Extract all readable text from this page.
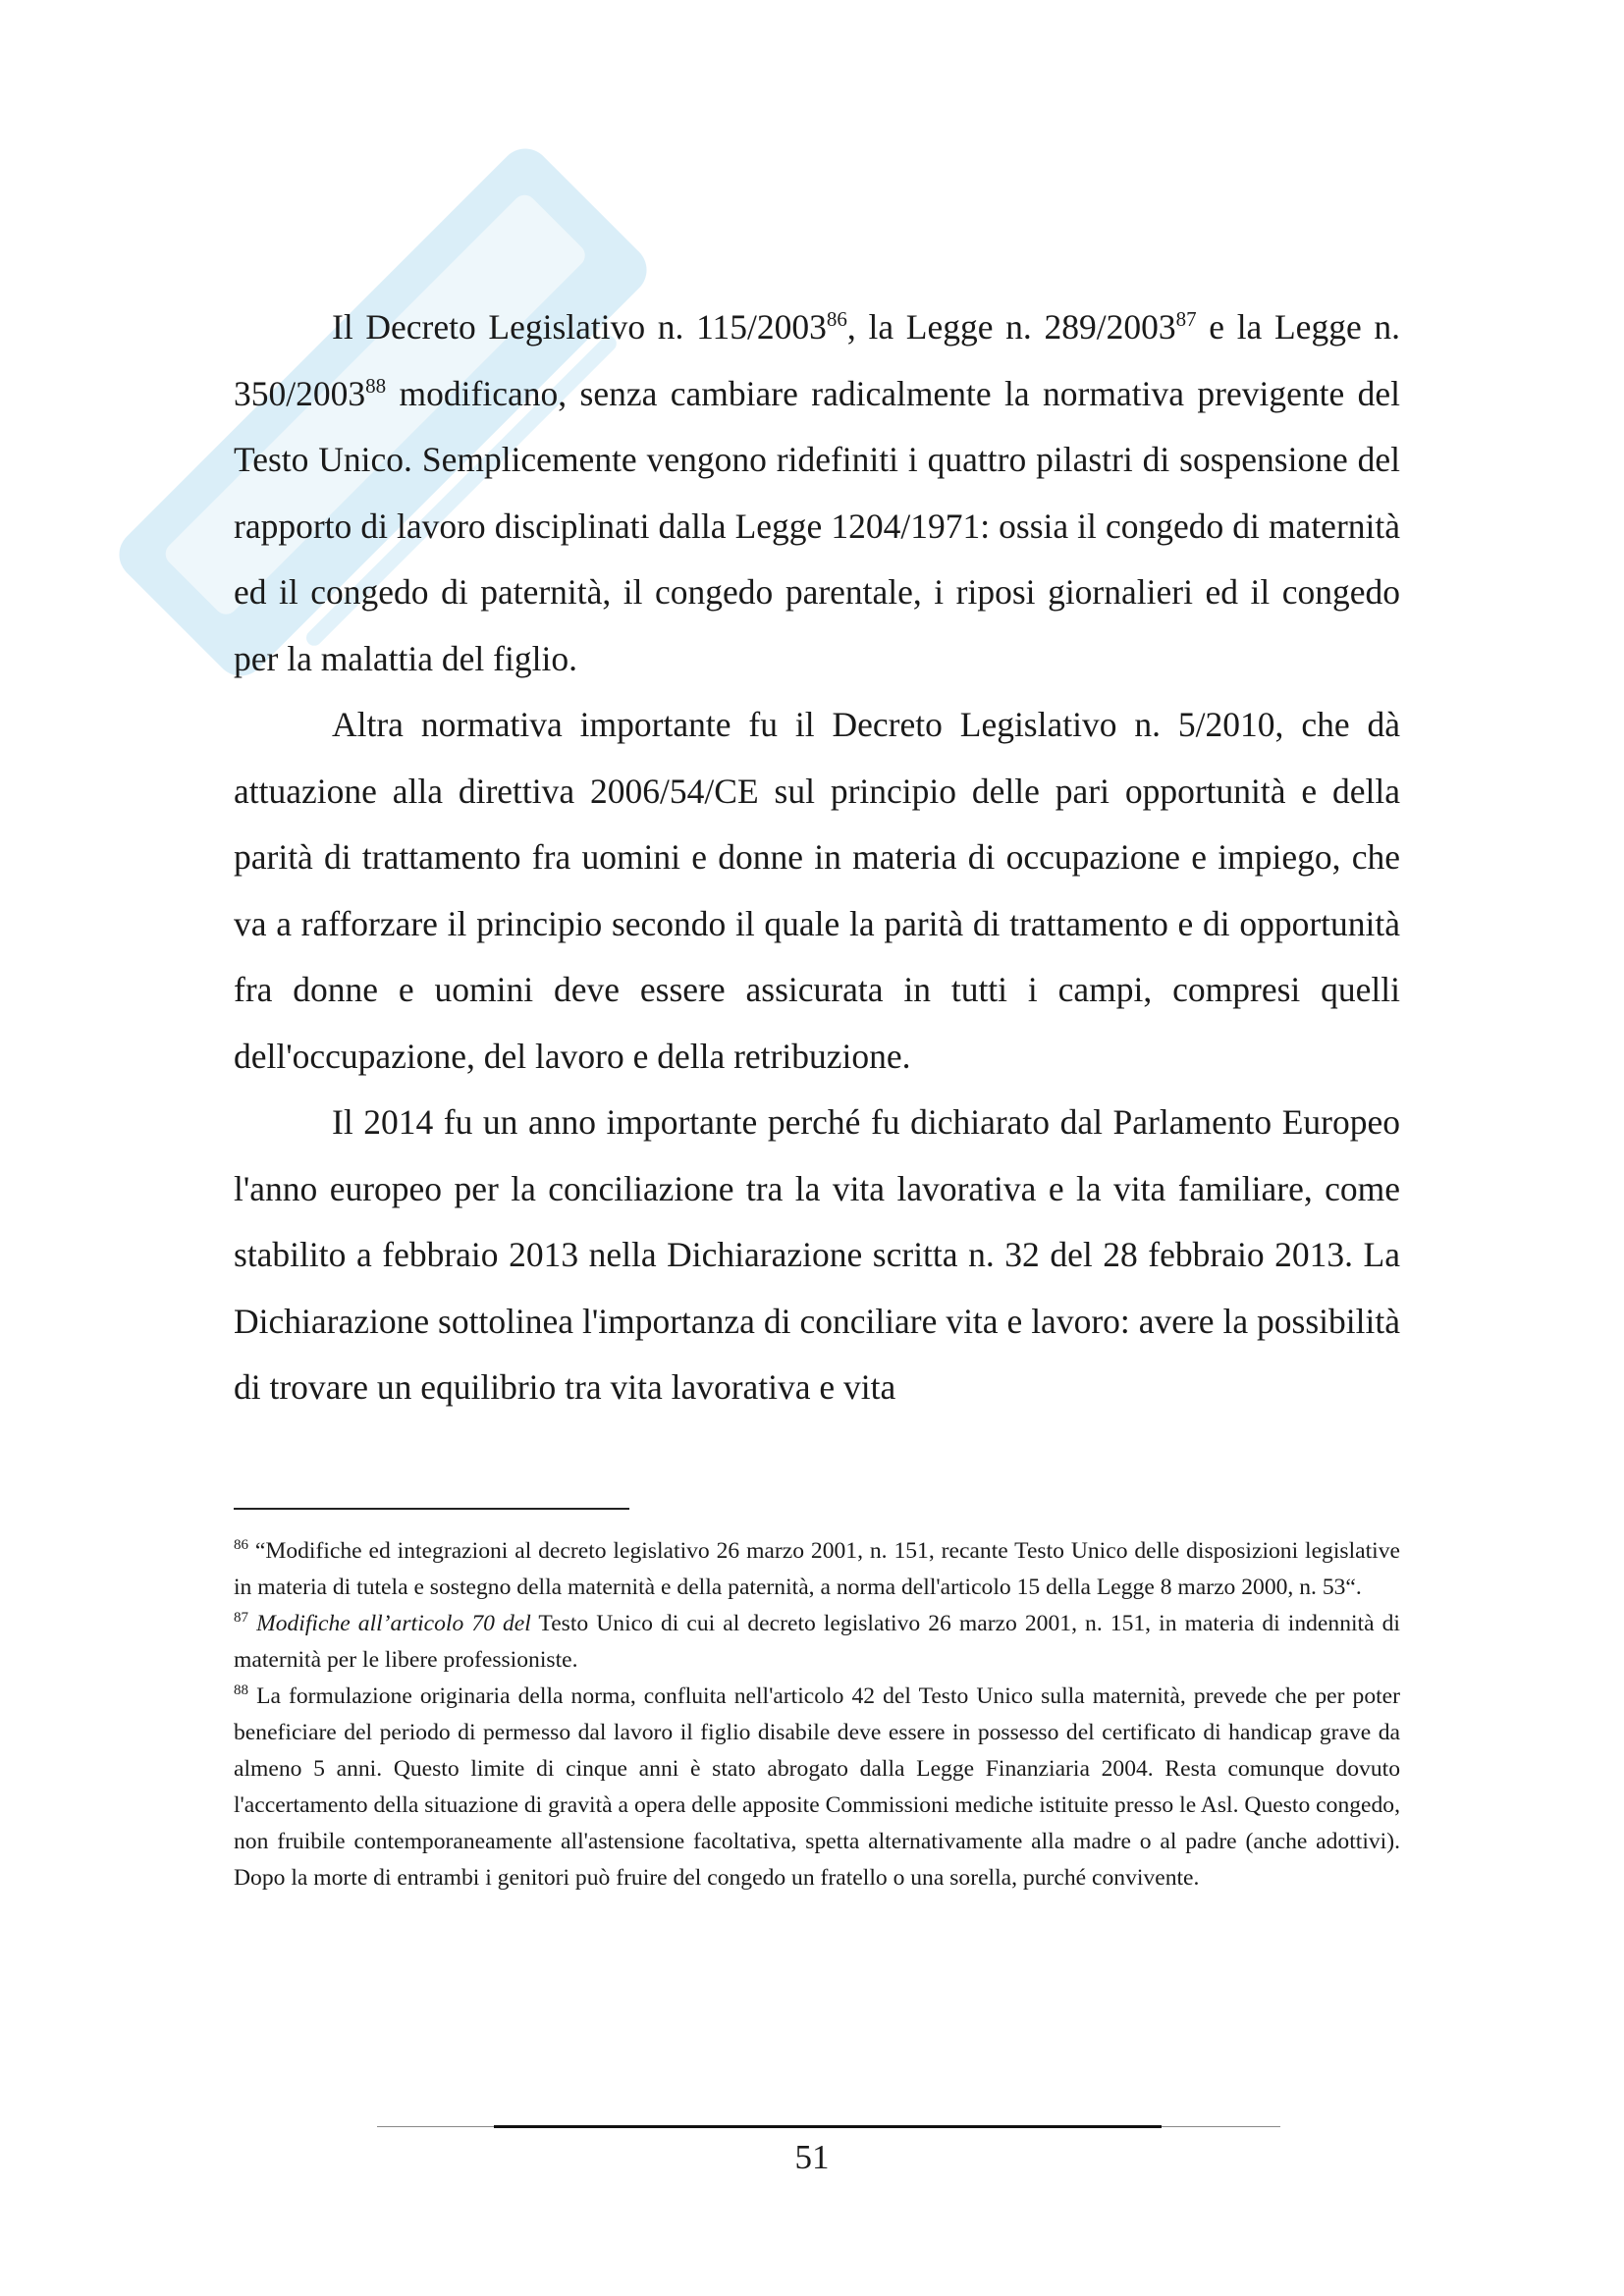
Il Decreto Legislativo n. 115/2003$^{86}$, la Legge n. 289/2003$^{87}$ e la Legge n. 350/2003$^{88}$ modificano, senza cambiare radicalmente la normativa previgente del Testo Unico. Semplicemente vengono ridefiniti i quattro pilastri di sospensione del rapporto di lavoro disciplinati dalla Legge 1204/1971: ossia il congedo di maternità ed il congedo di paternità, il congedo parentale, i riposi giornalieri ed il congedo per la malattia del figlio.

Altra normativa importante fu il Decreto Legislativo n. 5/2010, che dà attuazione alla direttiva 2006/54/CE sul principio delle pari opportunità e della parità di trattamento fra uomini e donne in materia di occupazione e impiego, che va a rafforzare il principio secondo il quale la parità di trattamento e di opportunità fra donne e uomini deve essere assicurata in tutti i campi, compresi quelli dell'occupazione, del lavoro e della retribuzione.

Il 2014 fu un anno importante perché fu dichiarato dal Parlamento Europeo l'anno europeo per la conciliazione tra la vita lavorativa e la vita familiare, come stabilito a febbraio 2013 nella Dichiarazione scritta n. 32 del 28 febbraio 2013. La Dichiarazione sottolinea l'importanza di conciliare vita e lavoro: avere la possibilità di trovare un equilibrio tra vita lavorativa e vita

$^{86}$ “Modifiche ed integrazioni al decreto legislativo 26 marzo 2001, n. 151, recante Testo Unico delle disposizioni legislative in materia di tutela e sostegno della maternità e della paternità, a norma dell'articolo 15 della Legge 8 marzo 2000, n. 53“.

$^{87}$ Modifiche all’articolo 70 del Testo Unico di cui al decreto legislativo 26 marzo 2001, n. 151, in materia di indennità di maternità per le libere professioniste.

$^{88}$ La formulazione originaria della norma, confluita nell'articolo 42 del Testo Unico sulla maternità, prevede che per poter beneficiare del periodo di permesso dal lavoro il figlio disabile deve essere in possesso del certificato di handicap grave da almeno 5 anni. Questo limite di cinque anni è stato abrogato dalla Legge Finanziaria 2004. Resta comunque dovuto l'accertamento della situazione di gravità a opera delle apposite Commissioni mediche istituite presso le Asl. Questo congedo, non fruibile contemporaneamente all'astensione facoltativa, spetta alternativamente alla madre o al padre (anche adottivi). Dopo la morte di entrambi i genitori può fruire del congedo un fratello o una sorella, purché convivente.

51
